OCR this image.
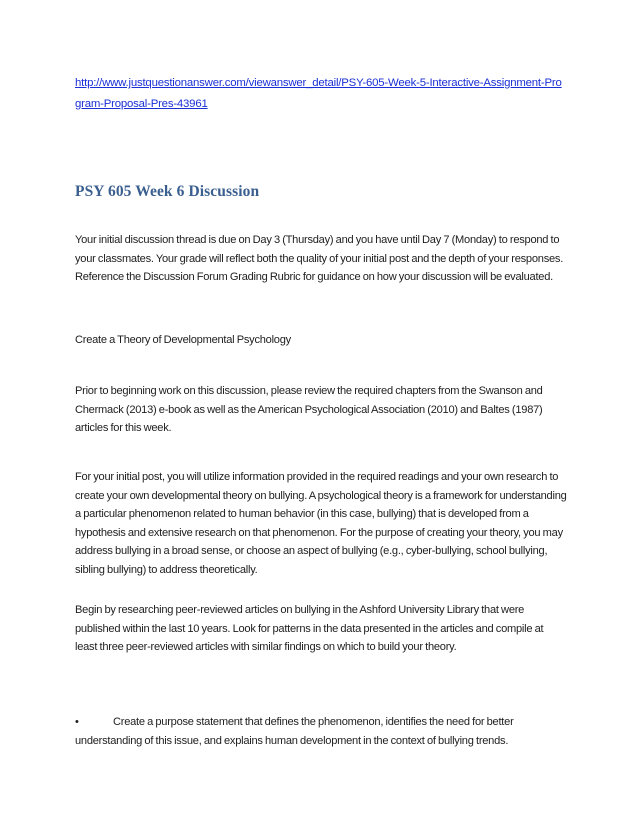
http://www.justquestionanswer.com/viewanswer_detail/PSY-605-Week-5-Interactive-Assignment-Program-Proposal-Pres-43961
PSY 605 Week 6 Discussion
Your initial discussion thread is due on Day 3 (Thursday) and you have until Day 7 (Monday) to respond to your classmates. Your grade will reflect both the quality of your initial post and the depth of your responses. Reference the Discussion Forum Grading Rubric for guidance on how your discussion will be evaluated.
Create a Theory of Developmental Psychology
Prior to beginning work on this discussion, please review the required chapters from the Swanson and Chermack (2013) e-book as well as the American Psychological Association (2010) and Baltes (1987) articles for this week.
For your initial post, you will utilize information provided in the required readings and your own research to create your own developmental theory on bullying. A psychological theory is a framework for understanding a particular phenomenon related to human behavior (in this case, bullying) that is developed from a hypothesis and extensive research on that phenomenon. For the purpose of creating your theory, you may address bullying in a broad sense, or choose an aspect of bullying (e.g., cyber-bullying, school bullying, sibling bullying) to address theoretically.
Begin by researching peer-reviewed articles on bullying in the Ashford University Library that were published within the last 10 years. Look for patterns in the data presented in the articles and compile at least three peer-reviewed articles with similar findings on which to build your theory.
•	Create a purpose statement that defines the phenomenon, identifies the need for better understanding of this issue, and explains human development in the context of bullying trends.
